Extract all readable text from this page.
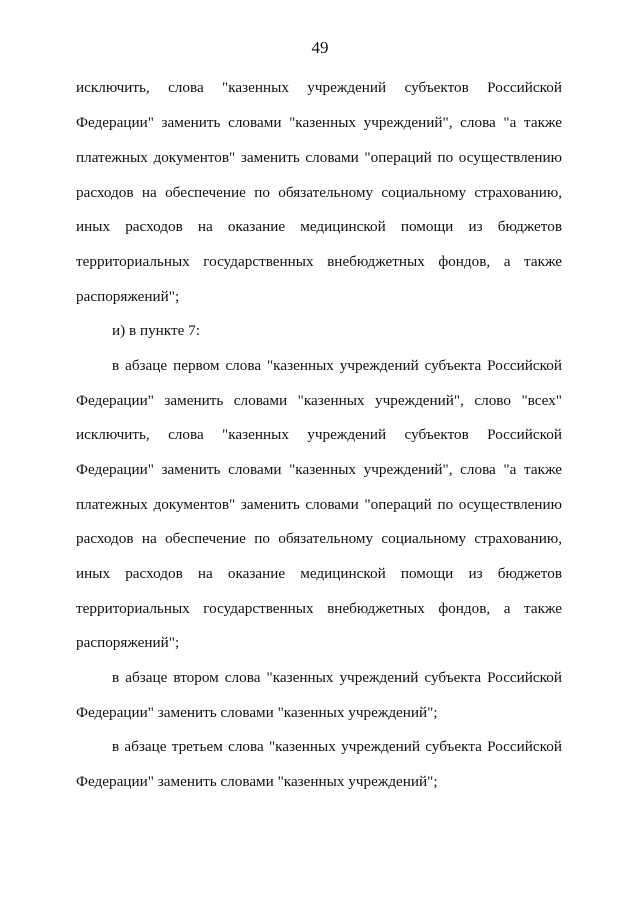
49
исключить, слова "казенных учреждений субъектов Российской
Федерации" заменить словами "казенных учреждений", слова "а также
платежных документов" заменить словами "операций по осуществлению
расходов на обеспечение по обязательному социальному страхованию,
иных расходов на оказание медицинской помощи из бюджетов
территориальных государственных внебюджетных фондов, а также
распоряжений";
и) в пункте 7:
в абзаце первом слова "казенных учреждений субъекта Российской
Федерации" заменить словами "казенных учреждений", слово "всех"
исключить, слова "казенных учреждений субъектов Российской
Федерации" заменить словами "казенных учреждений", слова "а также
платежных документов" заменить словами "операций по осуществлению
расходов на обеспечение по обязательному социальному страхованию,
иных расходов на оказание медицинской помощи из бюджетов
территориальных государственных внебюджетных фондов, а также
распоряжений";
в абзаце втором слова "казенных учреждений субъекта Российской
Федерации" заменить словами "казенных учреждений";
в абзаце третьем слова "казенных учреждений субъекта Российской
Федерации" заменить словами "казенных учреждений";
